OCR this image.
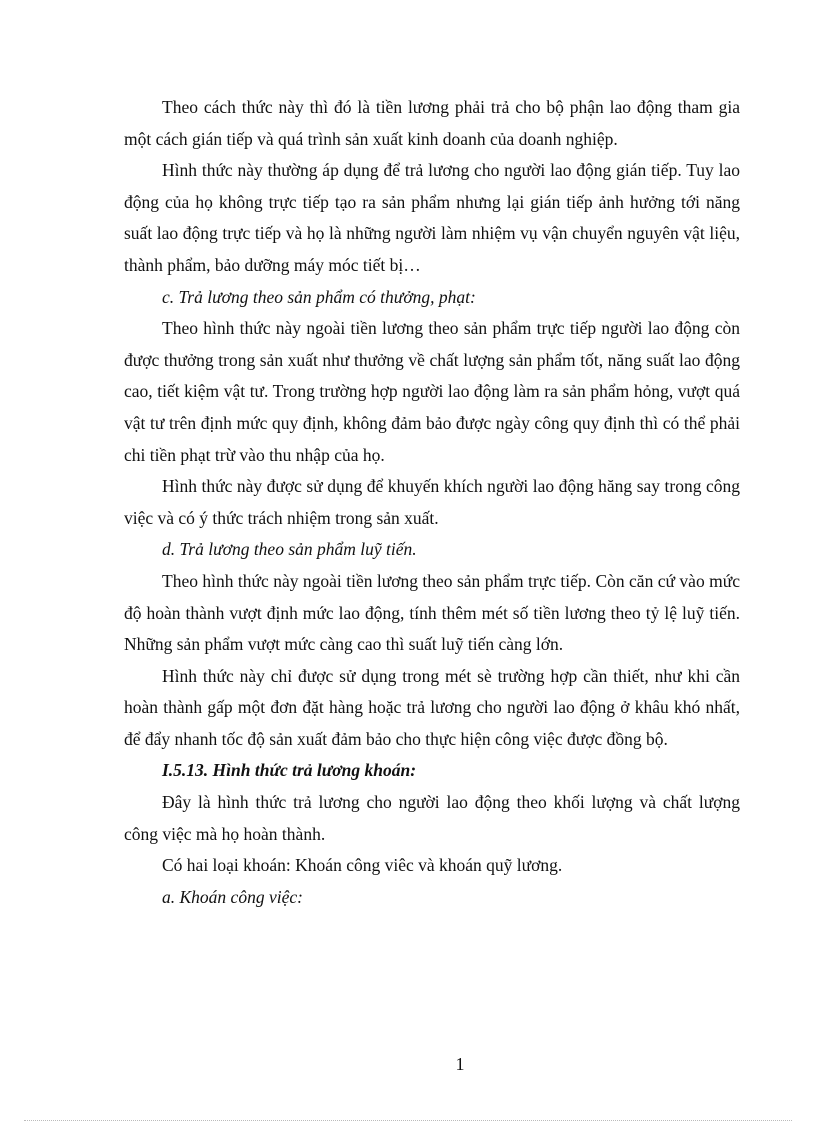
Theo cách thức này thì đó là tiền lương phải trả cho bộ phận lao động tham gia một cách gián tiếp và quá trình sản xuất kinh doanh của doanh nghiệp.

Hình thức này thường áp dụng để trả lương cho người lao động gián tiếp. Tuy lao động của họ không trực tiếp tạo ra sản phẩm nhưng lại gián tiếp ảnh hưởng tới năng suất lao động trực tiếp và họ là những người làm nhiệm vụ vận chuyển nguyên vật liệu, thành phẩm, bảo dưỡng máy móc tiết bị…

c. Trả lương theo sản phẩm có thưởng, phạt:

Theo hình thức này ngoài tiền lương theo sản phẩm trực tiếp người lao động còn được thưởng trong sản xuất như thưởng về chất lượng sản phẩm tốt, năng suất lao động cao, tiết kiệm vật tư. Trong trường hợp người lao động làm ra sản phẩm hỏng, vượt quá vật tư trên định mức quy định, không đảm bảo được ngày công quy định thì có thể phải chi tiền phạt trừ vào thu nhập của họ.

Hình thức này được sử dụng để khuyến khích người lao động hăng say trong công việc và có ý thức trách nhiệm trong sản xuất.

d. Trả lương theo sản phẩm luỹ tiến.

Theo hình thức này ngoài tiền lương theo sản phẩm trực tiếp. Còn căn cứ vào mức độ hoàn thành vượt định mức lao động, tính thêm mét số tiền lương theo tỷ lệ luỹ tiến. Những sản phẩm vượt mức càng cao thì suất luỹ tiến càng lớn.

Hình thức này chỉ được sử dụng trong mét sè trường hợp cần thiết, như khi cần hoàn thành gấp một đơn đặt hàng hoặc trả lương cho người lao động ở khâu khó nhất, để đẩy nhanh tốc độ sản xuất đảm bảo cho thực hiện công việc được đồng bộ.

I.5.13. Hình thức trả lương khoán:

Đây là hình thức trả lương cho người lao động theo khối lượng và chất lượng công việc mà họ hoàn thành.

Có hai loại khoán: Khoán công viêc và khoán quỹ lương.

a. Khoán công việc:

1
